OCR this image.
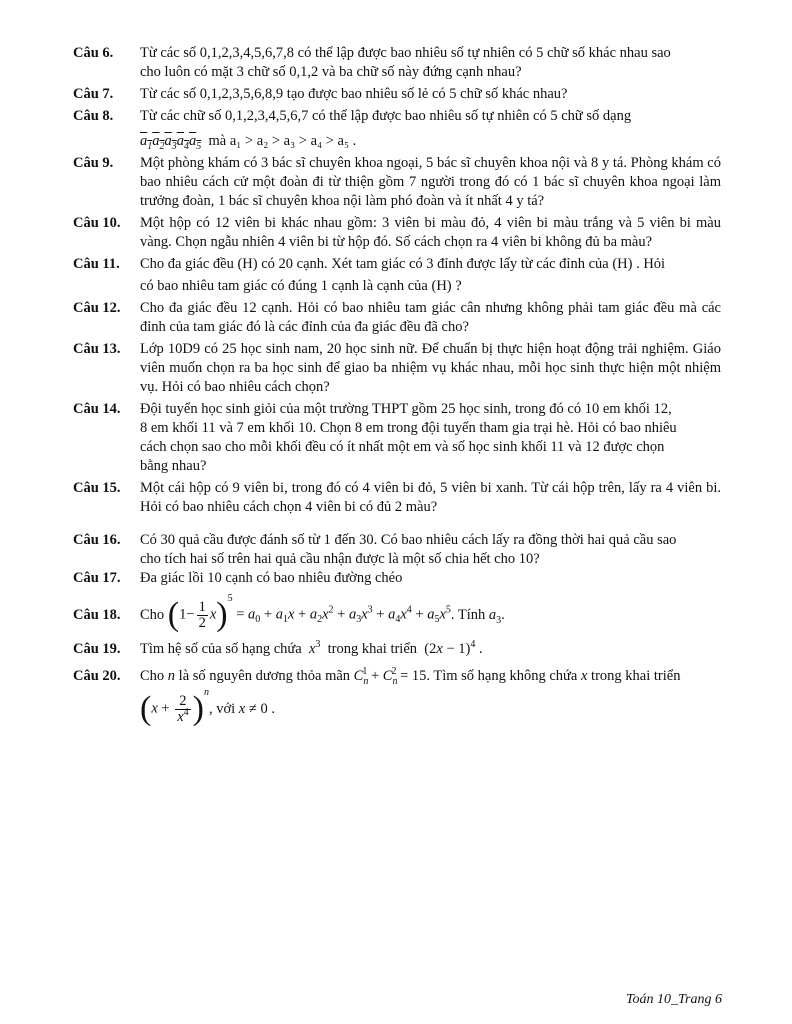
Câu 6.	Từ các số 0,1,2,3,4,5,6,7,8 có thể lập được bao nhiêu số tự nhiên có 5 chữ số khác nhau sao
cho luôn có mặt 3 chữ số 0,1,2 và ba chữ số này đứng cạnh nhau?
Câu 7.	Từ các số 0,1,2,3,5,6,8,9 tạo được bao nhiêu số lẻ có 5 chữ số khác nhau?
Câu 8.	Từ các chữ số 0,1,2,3,4,5,6,7 có thể lập được bao nhiêu số tự nhiên có 5 chữ số dạng
$a_1a_2a_3a_4a_5$ mà a₁ > a₂ > a₃ > a₄ > a₅ .
Câu 9.	Một phòng khám có 3 bác sĩ chuyên khoa ngoại, 5 bác sĩ chuyên khoa nội và 8 y tá. Phòng khám có bao nhiêu cách cử một đoàn đi từ thiện gồm 7 người trong đó có 1 bác sĩ chuyên khoa ngoại làm trưởng đoàn, 1 bác sĩ chuyên khoa nội làm phó đoàn và ít nhất 4 y tá?
Câu 10.	Một hộp có 12 viên bi khác nhau gồm: 3 viên bi màu đỏ, 4 viên bi màu trắng và 5 viên bi màu vàng. Chọn ngẫu nhiên 4 viên bi từ hộp đó. Số cách chọn ra 4 viên bi không đủ ba màu?
Câu 11.	Cho đa giác đều (H) có 20 cạnh. Xét tam giác có 3 đỉnh được lấy từ các đỉnh của (H) . Hỏi
có bao nhiêu tam giác có đúng 1 cạnh là cạnh của (H) ?
Câu 12.	Cho đa giác đều 12 cạnh. Hỏi có bao nhiêu tam giác cân nhưng không phải tam giác đều mà các đỉnh của tam giác đó là các đỉnh của đa giác đều đã cho?
Câu 13.	Lớp 10D9 có 25 học sinh nam, 20 học sinh nữ. Để chuẩn bị thực hiện hoạt động trải nghiệm. Giáo viên muốn chọn ra ba học sinh để giao ba nhiệm vụ khác nhau, mỗi học sinh thực hiện một nhiệm vụ. Hỏi có bao nhiêu cách chọn?
Câu 14.	Đội tuyển học sinh giỏi của một trường THPT gồm 25 học sinh, trong đó có 10 em khối 12,
8 em khối 11 và 7 em khối 10. Chọn 8 em trong đội tuyển tham gia trại hè. Hỏi có bao nhiêu
cách chọn sao cho mỗi khối đều có ít nhất một em và số học sinh khối 11 và 12 được chọn
bằng nhau?
Câu 15.	Một cái hộp có 9 viên bi, trong đó có 4 viên bi đỏ, 5 viên bi xanh. Từ cái hộp trên, lấy ra 4 viên bi. Hỏi có bao nhiêu cách chọn 4 viên bi có đủ 2 màu?
Câu 16.	Có 30 quả cầu được đánh số từ 1 đến 30. Có bao nhiêu cách lấy ra đồng thời hai quả cầu sao
cho tích hai số trên hai quả cầu nhận được là một số chia hết cho 10?
Câu 17.	Đa giác lồi 10 cạnh có bao nhiêu đường chéo
Câu 18.	Cho
$(1- \frac{1}{2} x)^5 = a_0 + a_1x + a_2x^2 + a_3x^3 + a_4x^4 + a_5x^5$ . Tính
$a_3$.
Câu 19.	Tìm hệ số của số hạng chứa $x^3$ trong khai triển $(2x - 1)^4$ .
Câu 20.	Cho n là số nguyên dương thỏa mãn $C_n^1 + C_n^2 = 15$. Tìm số hạng không chứa x trong khai triển
$(x + \frac{2}{x^4} )^n$
, với
x ≠ 0 .
Toán 10_Trang 6
